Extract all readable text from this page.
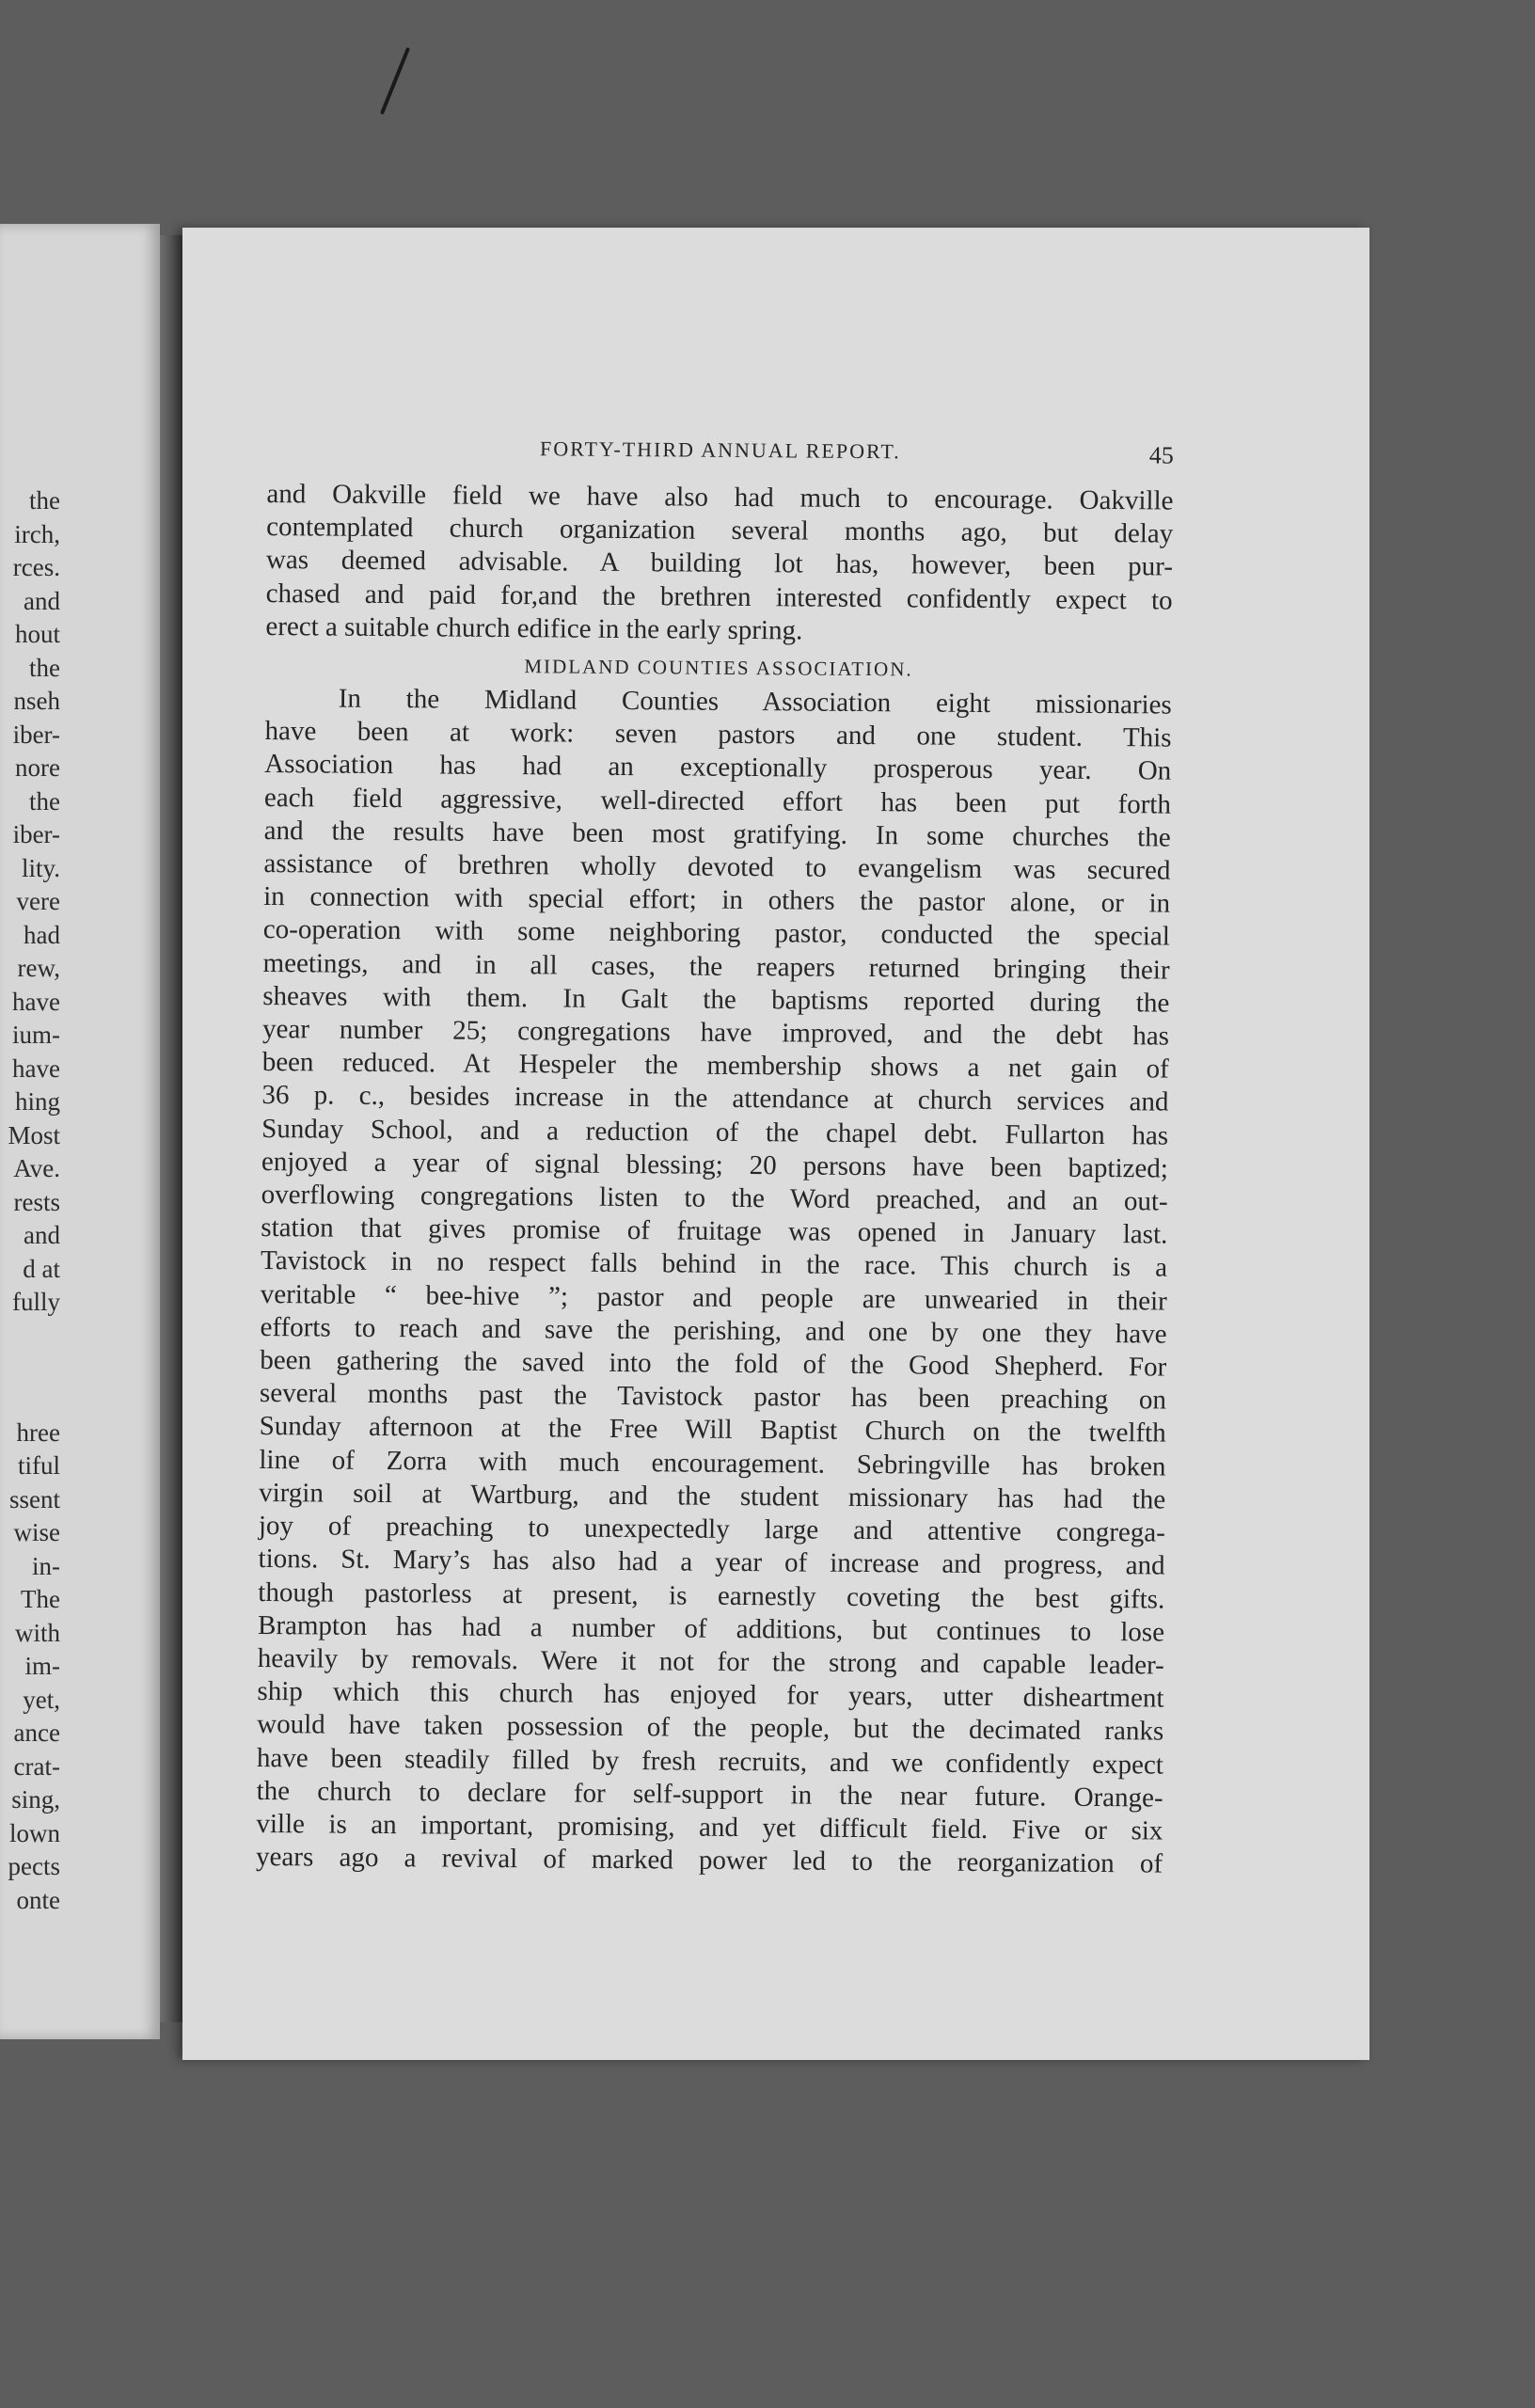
the
irch,
rces.
and
hout
the
nseh
iber-
nore
the
iber-
lity.
vere
had
rew,
have
ium-
have
hing
Most
Ave.
rests
and
d at
fully
hree
tiful
ssent
wise
in-
The
with
im-
yet,
ance
crat-
sing,
lown
pects
onte
FORTY-THIRD ANNUAL REPORT.	45
and Oakville field we have also had much to encourage. Oakville
contemplated church organization several months ago, but delay
was deemed advisable. A building lot has, however, been pur-
chased and paid for,and the brethren interested confidently expect to
erect a suitable church edifice in the early spring.
MIDLAND COUNTIES ASSOCIATION.
In the Midland Counties Association eight missionaries
have been at work: seven pastors and one student. This
Association has had an exceptionally prosperous year. On
each field aggressive, well-directed effort has been put forth
and the results have been most gratifying. In some churches the
assistance of brethren wholly devoted to evangelism was secured
in connection with special effort; in others the pastor alone, or in
co-operation with some neighboring pastor, conducted the special
meetings, and in all cases, the reapers returned bringing their
sheaves with them. In Galt the baptisms reported during the
year number 25; congregations have improved, and the debt has
been reduced. At Hespeler the membership shows a net gain of
36 p. c., besides increase in the attendance at church services and
Sunday School, and a reduction of the chapel debt. Fullarton has
enjoyed a year of signal blessing; 20 persons have been baptized;
overflowing congregations listen to the Word preached, and an out-
station that gives promise of fruitage was opened in January last.
Tavistock in no respect falls behind in the race. This church is a
veritable “ bee-hive ”; pastor and people are unwearied in their
efforts to reach and save the perishing, and one by one they have
been gathering the saved into the fold of the Good Shepherd. For
several months past the Tavistock pastor has been preaching on
Sunday afternoon at the Free Will Baptist Church on the twelfth
line of Zorra with much encouragement. Sebringville has broken
virgin soil at Wartburg, and the student missionary has had the
joy of preaching to unexpectedly large and attentive congrega-
tions. St. Mary’s has also had a year of increase and progress, and
though pastorless at present, is earnestly coveting the best gifts.
Brampton has had a number of additions, but continues to lose
heavily by removals. Were it not for the strong and capable leader-
ship which this church has enjoyed for years, utter disheartment
would have taken possession of the people, but the decimated ranks
have been steadily filled by fresh recruits, and we confidently expect
the church to declare for self-support in the near future. Orange-
ville is an important, promising, and yet difficult field. Five or six
years ago a revival of marked power led to the reorganization of
